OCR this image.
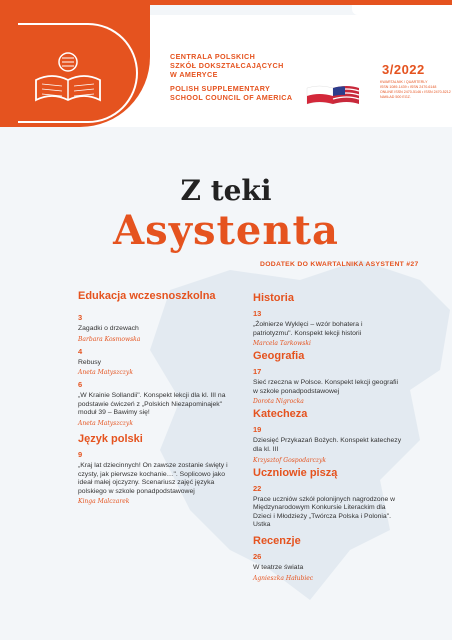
CENTRALA POLSKICH
SZKÓŁ DOKSZTAŁCAJĄCYCH
W AMERYCE
POLISH SUPPLEMENTARY
SCHOOL COUNCIL OF AMERICA
3/2022
KWARTALNIK / QUARTERLY
ISSN 1089-1439 • ISSN 2470-6148
ONLINE ISSN 2470-5146 • ISSN 2470-5212
NAKŁAD 500 EGZ.
Z teki
Asystenta
DODATEK DO KWARTALNIKA ASYSTENT #27
Edukacja wczesnoszkolna
3
Zagadki o drzewach
Barbara Kosmowska
4
Rebusy
Aneta Matyszczyk
6
„W Krainie Sollandii". Konspekt lekcji dla kl. III na podstawie ćwiczeń z „Polskich Niezapominajek" moduł 39 – Bawimy się!
Aneta Matyszczyk
Język polski
9
„Kraj lat dziecinnych! On zawsze zostanie święty i czysty, jak pierwsze kochanie…". Soplicowo jako ideał małej ojczyzny. Scenariusz zajęć języka polskiego w szkole ponadpodstawowej
Kinga Malczarek
Historia
13
„Żołnierze Wyklęci – wzór bohatera i patriotyzmu". Konspekt lekcji historii
Marcela Tarkowski
Geografia
17
Sieć rzeczna w Polsce. Konspekt lekcji geografii w szkole ponadpodstawowej
Dorota Nigrocka
Katecheza
19
Dziesięć Przykazań Bożych. Konspekt katechezy dla kl. III
Krzysztof Gospodarczyk
Uczniowie piszą
22
Prace uczniów szkół polonijnych nagrodzone w Międzynarodowym Konkursie Literackim dla Dzieci i Młodzieży „Twórcza Polska i Polonia". Ustka
Recenzje
26
W teatrze świata
Agnieszka Hałubiec
